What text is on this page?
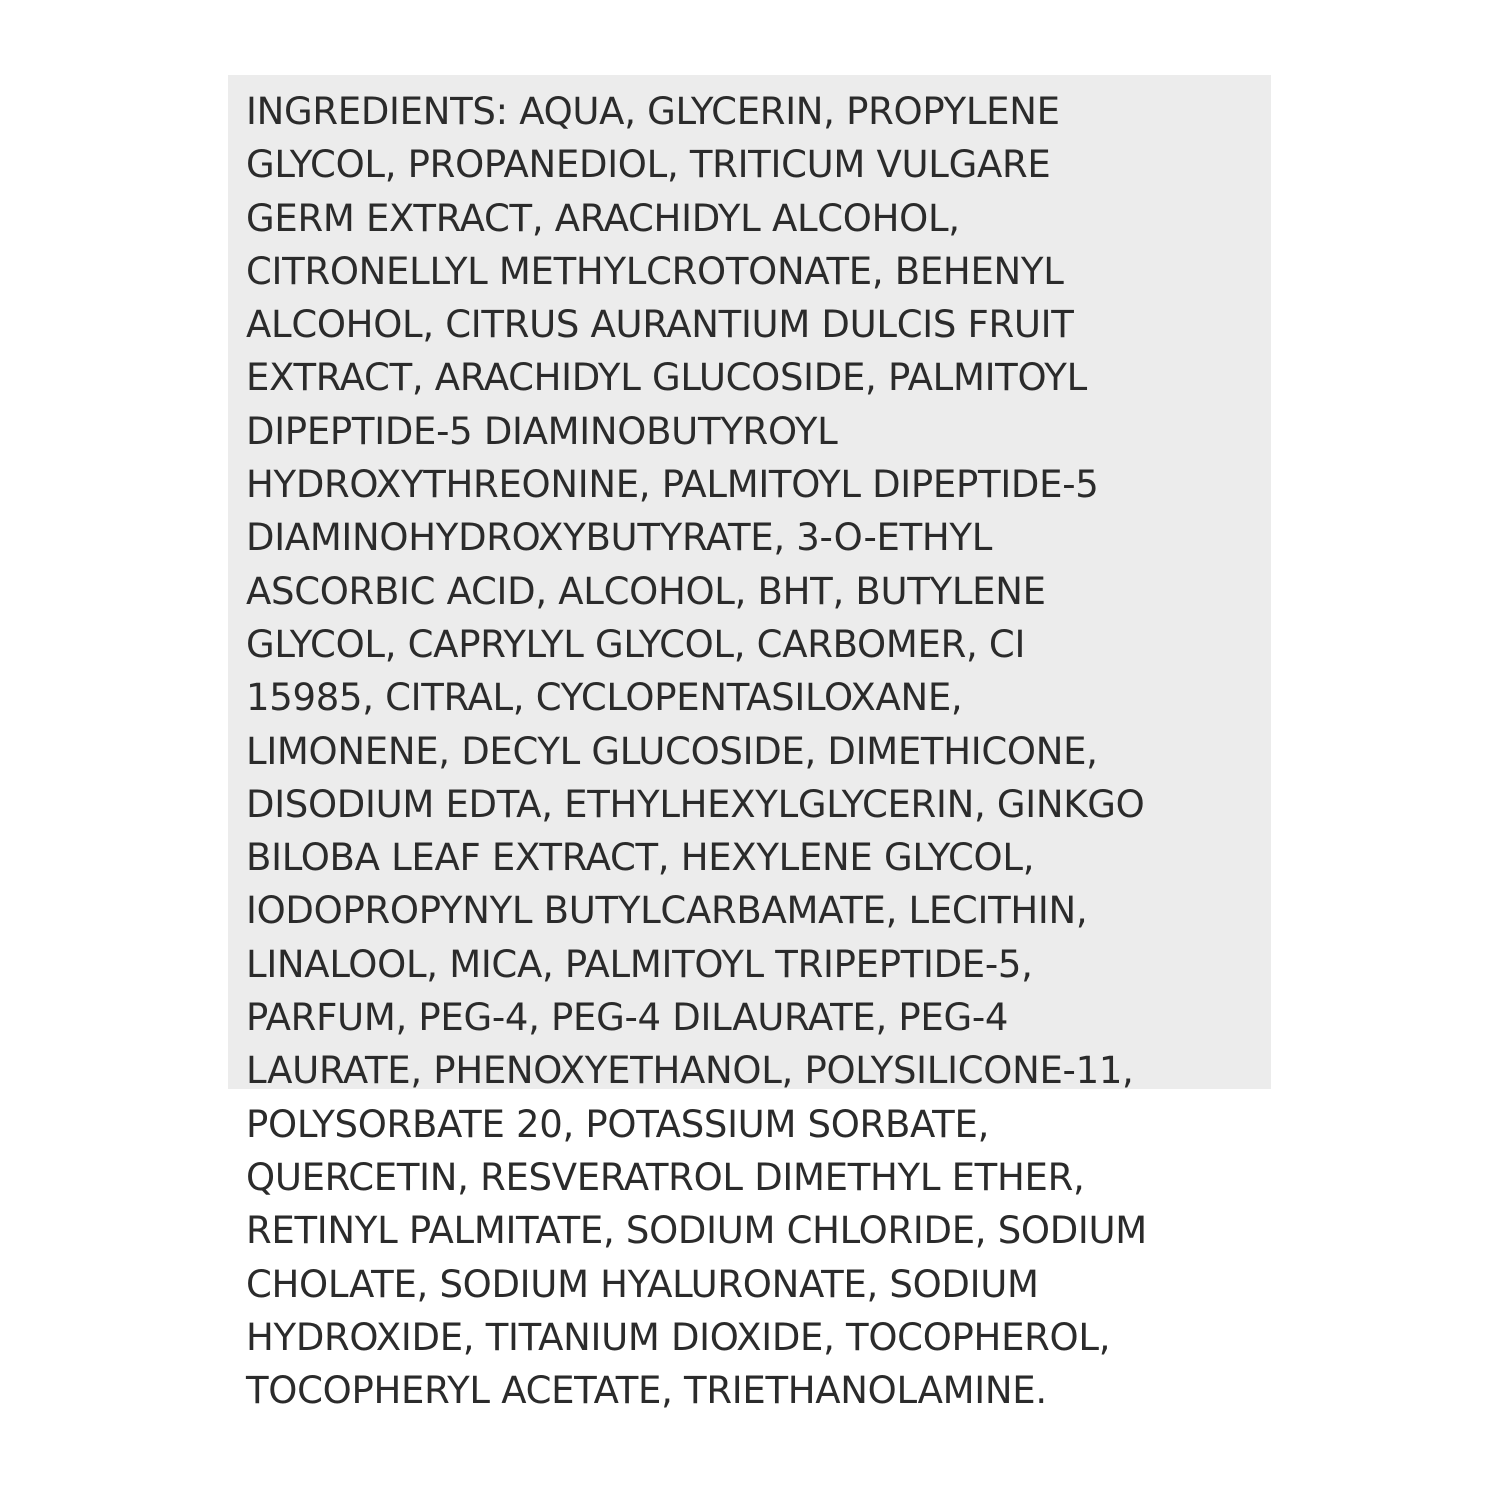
INGREDIENTS: AQUA, GLYCERIN, PROPYLENE
GLYCOL, PROPANEDIOL, TRITICUM VULGARE
GERM EXTRACT, ARACHIDYL ALCOHOL,
CITRONELLYL METHYLCROTONATE, BEHENYL
ALCOHOL, CITRUS AURANTIUM DULCIS FRUIT
EXTRACT, ARACHIDYL GLUCOSIDE, PALMITOYL
DIPEPTIDE-5 DIAMINOBUTYROYL
HYDROXYTHREONINE, PALMITOYL DIPEPTIDE-5
DIAMINOHYDROXYBUTYRATE, 3-O-ETHYL
ASCORBIC ACID, ALCOHOL, BHT, BUTYLENE
GLYCOL, CAPRYLYL GLYCOL, CARBOMER, CI
15985, CITRAL, CYCLOPENTASILOXANE,
LIMONENE, DECYL GLUCOSIDE, DIMETHICONE,
DISODIUM EDTA, ETHYLHEXYLGLYCERIN, GINKGO
BILOBA LEAF EXTRACT, HEXYLENE GLYCOL,
IODOPROPYNYL BUTYLCARBAMATE, LECITHIN,
LINALOOL, MICA, PALMITOYL TRIPEPTIDE-5,
PARFUM, PEG-4, PEG-4 DILAURATE, PEG-4
LAURATE, PHENOXYETHANOL, POLYSILICONE-11,
POLYSORBATE 20, POTASSIUM SORBATE,
QUERCETIN, RESVERATROL DIMETHYL ETHER,
RETINYL PALMITATE, SODIUM CHLORIDE, SODIUM
CHOLATE, SODIUM HYALURONATE, SODIUM
HYDROXIDE, TITANIUM DIOXIDE, TOCOPHEROL,
TOCOPHERYL ACETATE, TRIETHANOLAMINE.
